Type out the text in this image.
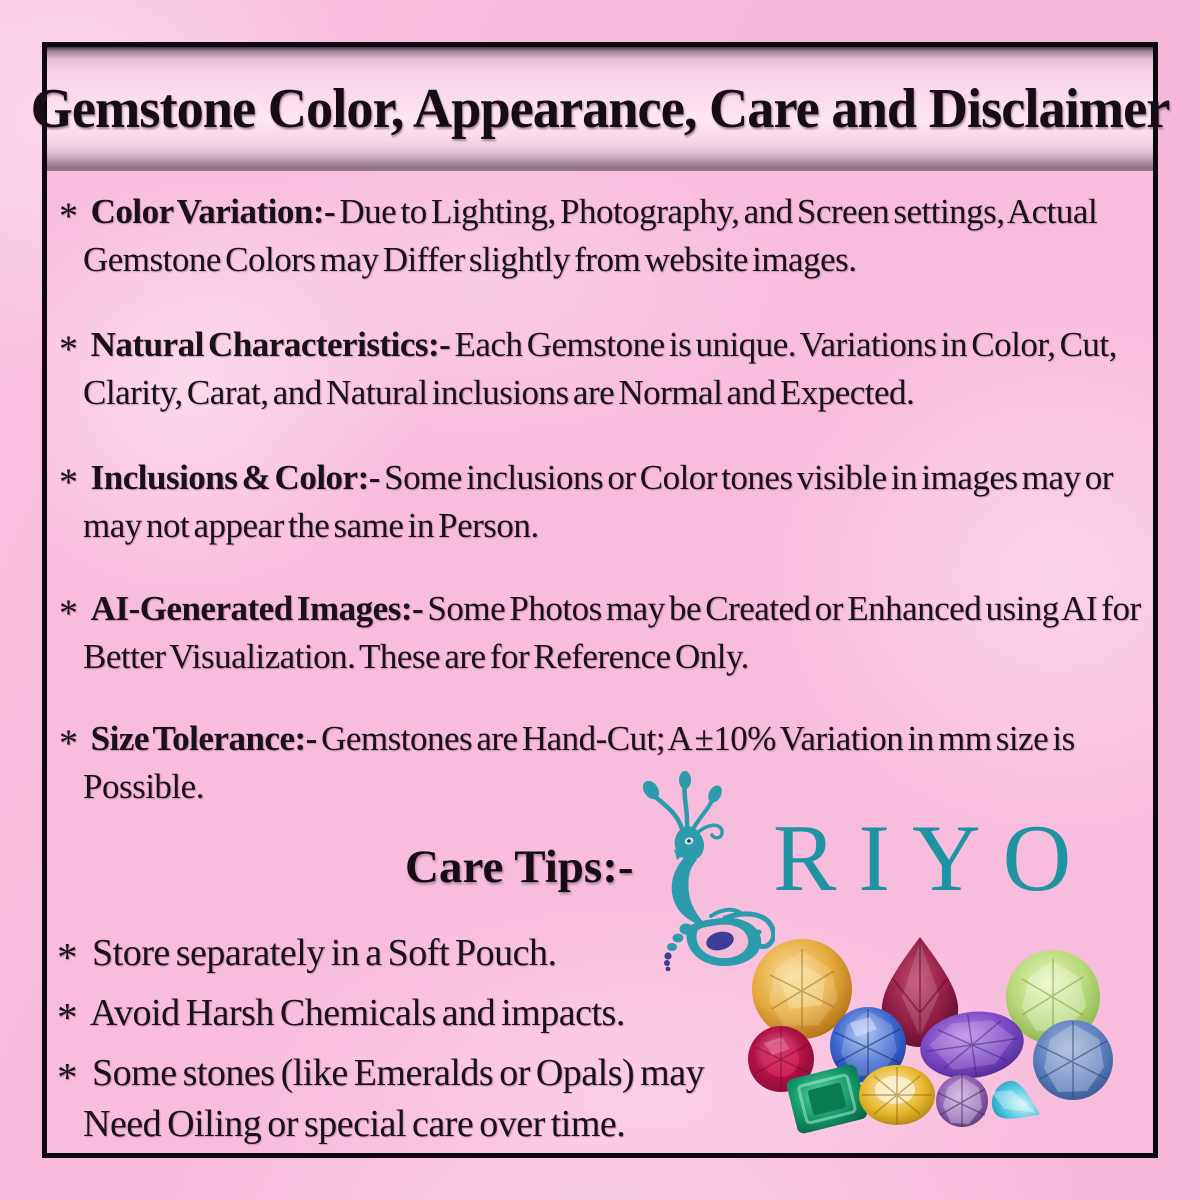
Gemstone Color, Appearance, Care and Disclaimer
* Color Variation:- Due to Lighting, Photography, and Screen settings, Actual Gemstone Colors may Differ slightly from website images.
* Natural Characteristics:- Each Gemstone is unique. Variations in Color, Cut, Clarity, Carat, and Natural inclusions are Normal and Expected.
* Inclusions & Color:- Some inclusions or Color tones visible in images may or may not appear the same in Person.
* AI-Generated Images:- Some Photos may be Created or Enhanced using AI for Better Visualization. These are for Reference Only.
* Size Tolerance:- Gemstones are Hand-Cut; A ±10% Variation in mm size is Possible.
Care Tips:- RIYO
* Store separately in a Soft Pouch.
* Avoid Harsh Chemicals and impacts.
* Some stones (like Emeralds or Opals) may Need Oiling or special care over time.
